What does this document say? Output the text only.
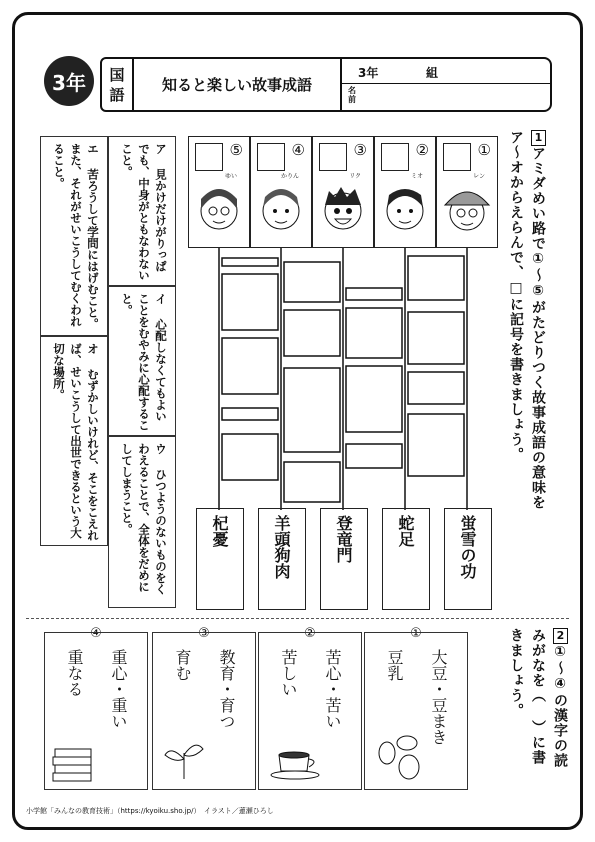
3年	国
語
知ると楽しい故事成語
3年	組
名
前
1アミダめい路で①～⑤がたどりつく故事成語の意味を ア～オからえらんで、□に記号を書きましょう。
ア 見かけだけがりっぱでも、中身がともなわないこと。
イ 心配しなくてもよいことをむやみに心配すること。
ウ ひつようのないものをくわえることで、全体をだめにしてしまうこと。
エ 苦ろうして学問にはげむこと。また、それがせいこうしてむくわれること。
オ むずかしいけれど、そこをこえれば、せいこうして出世できるという大切な場所。
⑤
ゆい
④
かりん
③
リク
②
ミオ
①
レン
杞憂	羊頭狗肉	登竜門	蛇足	蛍雪の功
2①～④の漢字の読みがなを（ ）に書きましょう。
④
重心・重い
重なる
③
教育・育つ
育む
②
苦心・苦い
苦しい
①
大豆・豆まき
豆乳
小学館「みんなの教育技術」（https://kyoiku.sho.jp/）　イラスト／蓮瀬ひろし
